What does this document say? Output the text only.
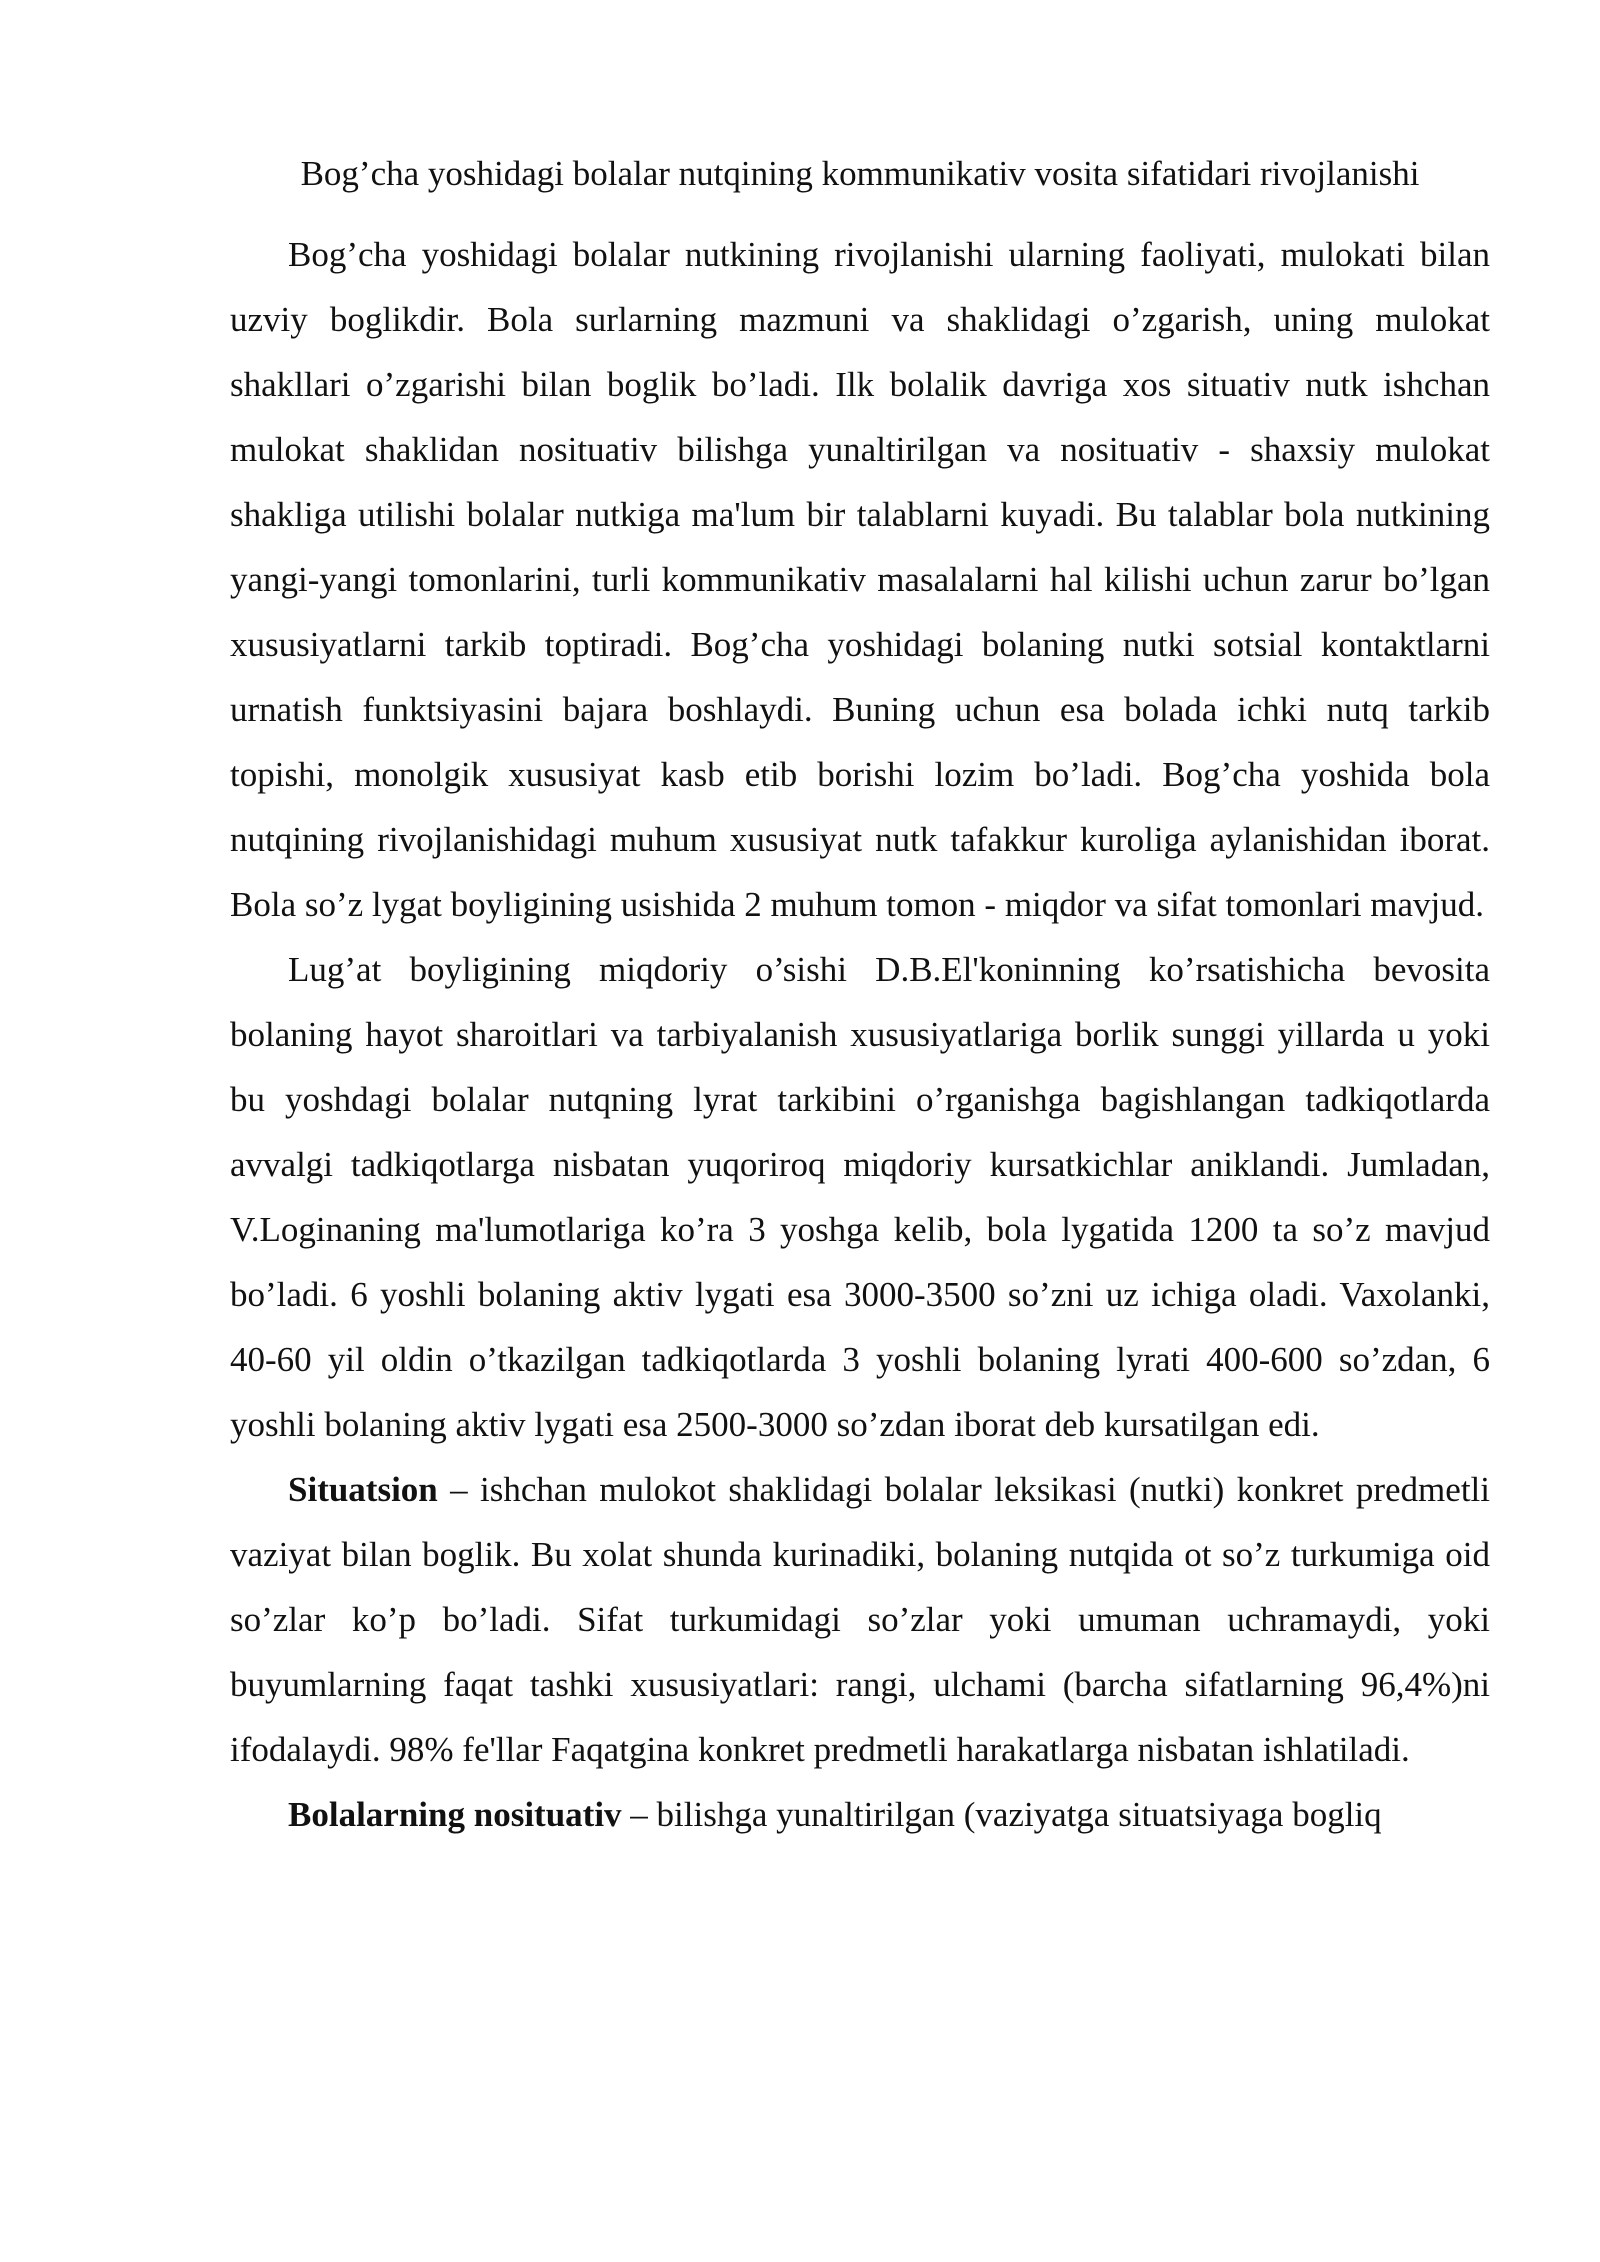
Bog’cha yoshidagi bolalar nutqining kommunikativ vosita sifatidari rivojlanishi

Bog’cha yoshidagi bolalar nutkining rivojlanishi ularning faoliyati, mulokati bilan uzviy boglikdir. Bola surlarning mazmuni va shaklidagi o’zgarish, uning mulokat shakllari o’zgarishi bilan boglik bo’ladi. Ilk bolalik davriga xos situativ nutk ishchan mulokat shaklidan nosituativ bilishga yunaltirilgan va nosituativ - shaxsiy mulokat shakliga utilishi bolalar nutkiga ma'lum bir talablarni kuyadi. Bu talablar bola nutkining yangi-yangi tomonlarini, turli kommunikativ masalalarni hal kilishi uchun zarur bo’lgan xususiyatlarni tarkib toptiradi. Bog’cha yoshidagi bolaning nutki sotsial kontaktlarni urnatish funktsiyasini bajara boshlaydi. Buning uchun esa bolada ichki nutq tarkib topishi, monolgik xususiyat kasb etib borishi lozim bo’ladi. Bog’cha yoshida bola nutqining rivojlanishidagi muhum xususiyat nutk tafakkur kuroliga aylanishidan iborat. Bola so’z lygat boyligining usishida 2 muhum tomon - miqdor va sifat tomonlari mavjud.

Lug’at boyligining miqdoriy o’sishi D.B.El'koninning ko’rsatishicha bevosita bolaning hayot sharoitlari va tarbiyalanish xususiyatlariga borlik sunggi yillarda u yoki bu yoshdagi bolalar nutqning lyrat tarkibini o’rganishga bagishlangan tadkiqotlarda avvalgi tadkiqotlarga nisbatan yuqoriroq miqdoriy kursatkichlar aniklandi. Jumladan, V.Loginaning ma'lumotlariga ko’ra 3 yoshga kelib, bola lygatida 1200 ta so’z mavjud bo’ladi. 6 yoshli bolaning aktiv lygati esa 3000-3500 so’zni uz ichiga oladi. Vaxolanki, 40-60 yil oldin o’tkazilgan tadkiqotlarda 3 yoshli bolaning lyrati 400-600 so’zdan, 6 yoshli bolaning aktiv lygati esa 2500-3000 so’zdan iborat deb kursatilgan edi.

Situatsion – ishchan mulokot shaklidagi bolalar leksikasi (nutki) konkret predmetli vaziyat bilan boglik. Bu xolat shunda kurinadiki, bolaning nutqida ot so’z turkumiga oid so’zlar ko’p bo’ladi. Sifat turkumidagi so’zlar yoki umuman uchramaydi, yoki buyumlarning faqat tashki xususiyatlari: rangi, ulchami (barcha sifatlarning 96,4%)ni ifodalaydi. 98% fe'llar Faqatgina konkret predmetli harakatlarga nisbatan ishlatiladi.

Bolalarning nosituativ – bilishga yunaltirilgan (vaziyatga situatsiyaga bogliq
